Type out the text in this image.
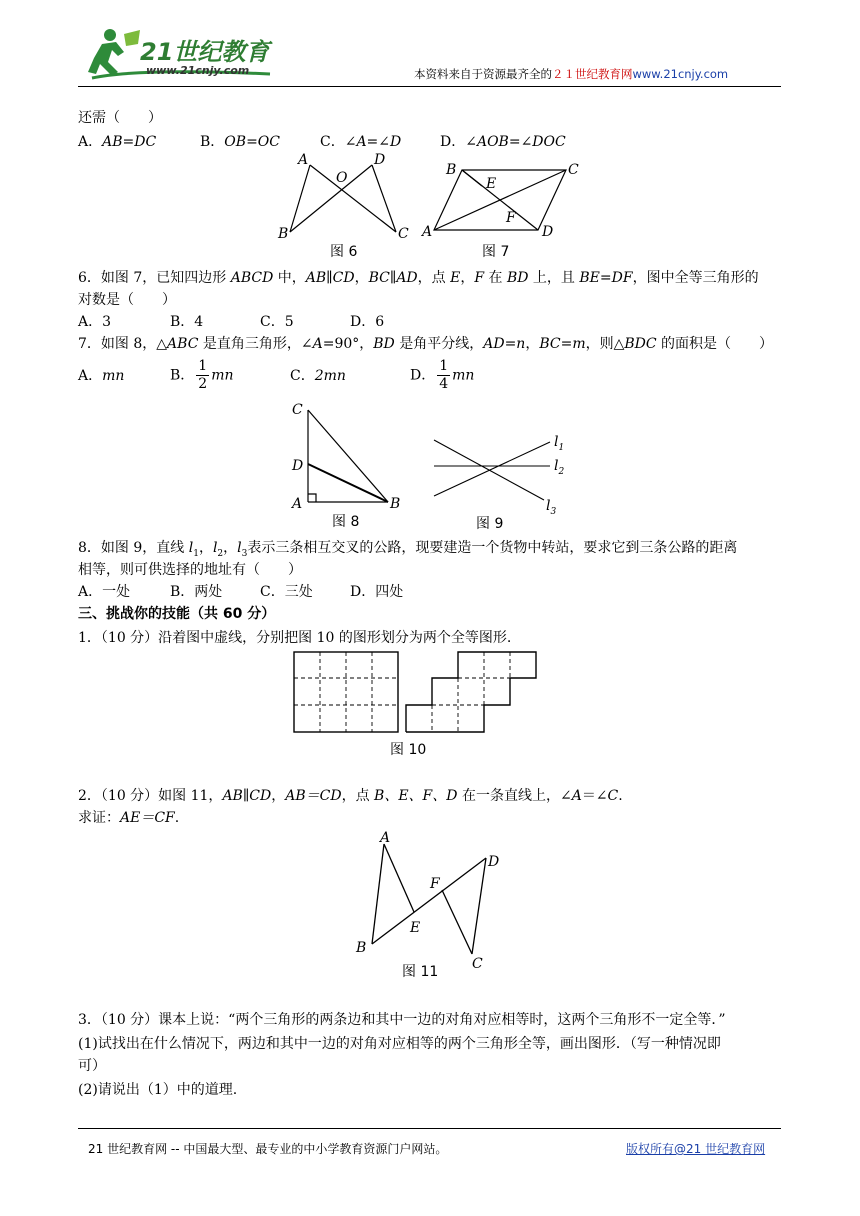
21世纪教育
www.21cnjy.com	本资料来自于资源最齐全的２１世纪教育网www.21cnjy.com
还需（　　）
A．AB=DC	B．OB=OC	C．∠A=∠D	D．∠AOB=∠DOC
A	D
O
B	C
图 6
B	C
E
F
A	D
图 7
6．如图 7，已知四边形 ABCD 中，AB∥CD，BC∥AD，点 E，F 在 BD 上，且 BE=DF，图中全等三角形的
对数是（　　）
A．3	B．4	C．5	D．6
7．如图 8，△ABC 是直角三角形，∠A=90°，BD 是角平分线，AD=n，BC=m，则△BDC 的面积是（　　）
A．mn	B． $\frac{1}{2}$ mn	C．2mn	D． $\frac{1}{4}$ mn
C
D
A	B
图 8
$l_1$
$l_2$
$l_3$
图 9
8．如图 9，直线 $l_1$，$l_2$，$l_3$表示三条相互交叉的公路，现要建造一个货物中转站，要求它到三条公路的距离
相等，则可供选择的地址有（　　）
A．一处	B．两处	C．三处	D．四处
三、挑战你的技能（共 60 分）
1．（10 分）沿着图中虚线，分别把图 10 的图形划分为两个全等图形.
图 10
2．（10 分）如图 11，AB∥CD，AB＝CD，点 B、E、F、D 在一条直线上，∠A＝∠C.
求证：AE＝CF.
A
D
F
E
B
C
图 11
3．（10 分）课本上说：“两个三角形的两条边和其中一边的对角对应相等时，这两个三角形不一定全等．”
(1)试找出在什么情况下，两边和其中一边的对角对应相等的两个三角形全等，画出图形．（写一种情况即
可）
(2)请说出（1）中的道理.
21 世纪教育网 -- 中国最大型、最专业的中小学教育资源门户网站。	版权所有@21 世纪教育网
